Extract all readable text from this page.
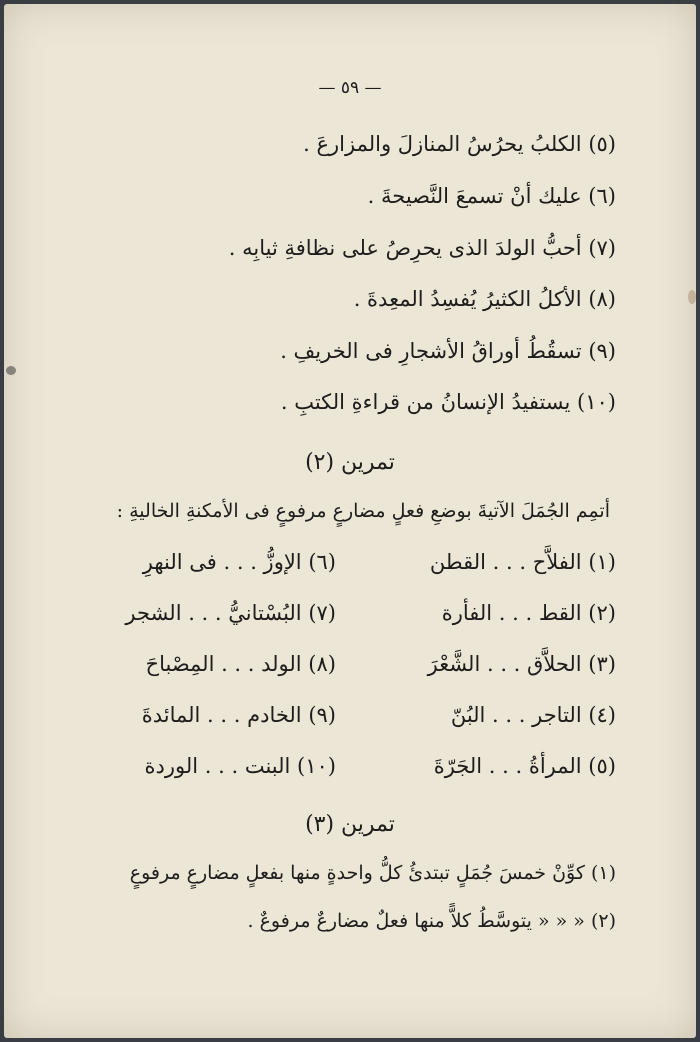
— ٥٩ —
(٥) الكلبُ يحرُسُ المنازلَ والمزارعَ .
(٦) عليك أنْ تسمعَ النَّصيحةَ .
(٧) أحبُّ الولدَ الذى يحرِصُ على نظافةِ ثيابِه .
(٨) الأكلُ الكثيرُ يُفسِدُ المعِدةَ .
(٩) تسقُطُ أوراقُ الأشجارِ فى الخريفِ .
(١٠) يستفيدُ الإنسانُ من قراءةِ الكتبِ .
تمرين (٢)
أتمِم الجُمَلَ الآتيةَ بوضعِ فعلٍ مضارعٍ مرفوعٍ فى الأمكنةِ الخاليةِ :
(١) الفلاَّح . . . القطن
(٢) القط . . . الفأرة
(٣) الحلاَّق . . . الشَّعْرَ
(٤) التاجر . . . البُنّ
(٥) المرأةُ . . . الجَرّةَ
(٦) الإوزُّ . . . فى النهرِ
(٧) البُسْتانيُّ . . . الشجر
(٨) الولد . . . المِصْباحَ
(٩) الخادم . . . المائدةَ
(١٠) البنت . . . الوردة
تمرين (٣)
(١) كوِّنْ خمسَ جُمَلٍ تبتدئُ كلُّ واحدةٍ منها بفعلٍ مضارعٍ مرفوعٍ
(٢) « « « يتوسَّطُ كلاًّ منها فعلٌ مضارعٌ مرفوعٌ .
